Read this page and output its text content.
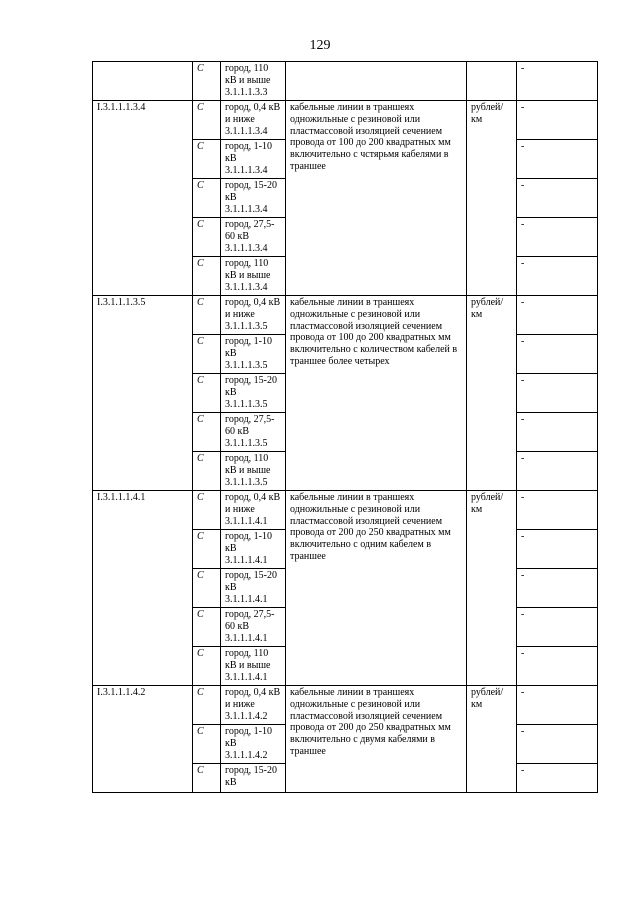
129
	С	город, 110 кВ и выше 3.1.1.1.3.3			-
I.3.1.1.1.3.4	С	город, 0,4 кВ и ниже 3.1.1.1.3.4	кабельные линии в траншеях одножильные с резиновой или пластмассовой изоляцией сечением провода от 100 до 200 квадратных мм включительно с чстярьмя кабелями в траншее	рублей/км	-
	С	город, 1-10 кВ 3.1.1.1.3.4			-
	С	город, 15-20 кВ 3.1.1.1.3.4			-
	С	город, 27,5-60 кВ 3.1.1.1.3.4			-
	С	город, 110 кВ и выше 3.1.1.1.3.4			-
I.3.1.1.1.3.5	С	город, 0,4 кВ и ниже 3.1.1.1.3.5	кабельные линии в траншеях одножильные с резиновой или пластмассовой изоляцией сечением провода от 100 до 200 квадратных мм включительно с количеством кабелей в траншее более четырех	рублей/км	-
	С	город, 1-10 кВ 3.1.1.1.3.5			-
	С	город, 15-20 кВ 3.1.1.1.3.5			-
	С	город, 27,5-60 кВ 3.1.1.1.3.5			-
	С	город, 110 кВ и выше 3.1.1.1.3.5			-
I.3.1.1.1.4.1	С	город, 0,4 кВ и ниже 3.1.1.1.4.1	кабельные линии в траншеях одножильные с резиновой или пластмассовой изоляцией сечением провода от 200 до 250 квадратных мм включительно с одним кабелем в траншее	рублей/км	-
	С	город, 1-10 кВ 3.1.1.1.4.1			-
	С	город, 15-20 кВ 3.1.1.1.4.1			-
	С	город, 27,5-60 кВ 3.1.1.1.4.1			-
	С	город, 110 кВ и выше 3.1.1.1.4.1			-
I.3.1.1.1.4.2	С	город, 0,4 кВ и ниже 3.1.1.1.4.2	кабельные линии в траншеях одножильные с резиновой или пластмассовой изоляцией сечением провода от 200 до 250 квадратных мм включительно с двумя кабелями в траншее	рублей/км	-
	С	город, 1-10 кВ 3.1.1.1.4.2			-
	С	город, 15-20 кВ			-
